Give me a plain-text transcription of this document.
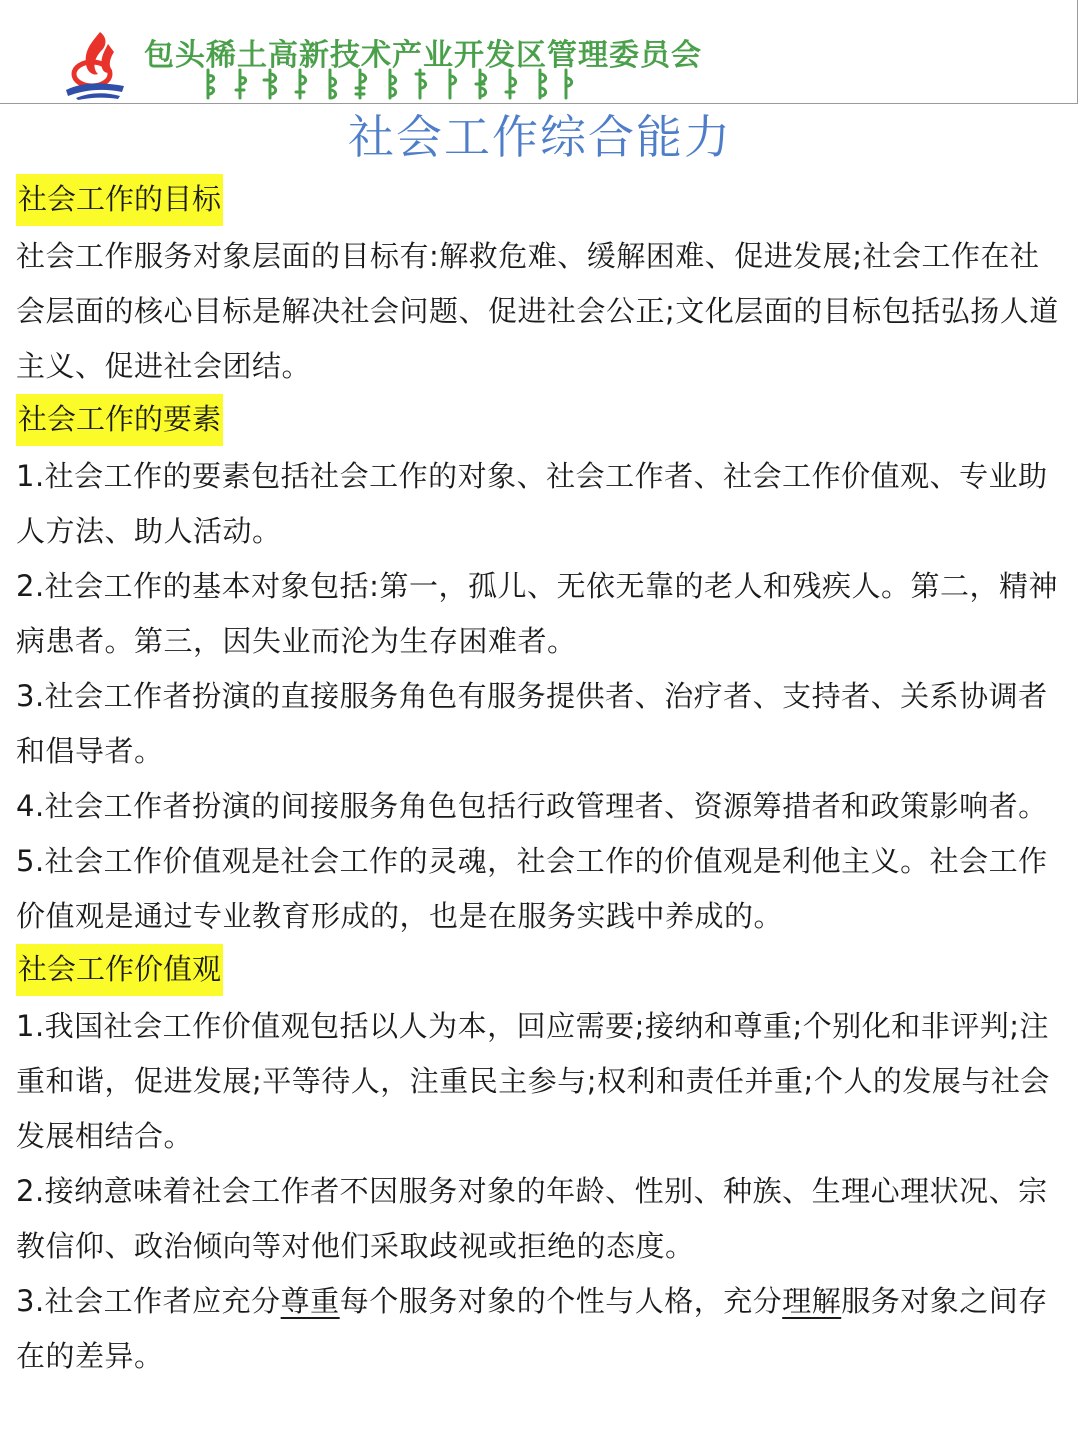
包头稀土高新技术产业开发区管理委员会
社会工作综合能力
社会工作的目标

社会工作服务对象层面的目标有:解救危难、缓解困难、促进发展;社会工作在社会层面的核心目标是解决社会问题、促进社会公正;文化层面的目标包括弘扬人道主义、促进社会团结。

社会工作的要素

1.社会工作的要素包括社会工作的对象、社会工作者、社会工作价值观、专业助人方法、助人活动。

2.社会工作的基本对象包括:第一，孤儿、无依无靠的老人和残疾人。第二，精神病患者。第三，因失业而沦为生存困难者。

3.社会工作者扮演的直接服务角色有服务提供者、治疗者、支持者、关系协调者和倡导者。

4.社会工作者扮演的间接服务角色包括行政管理者、资源筹措者和政策影响者。

5.社会工作价值观是社会工作的灵魂，社会工作的价值观是利他主义。社会工作价值观是通过专业教育形成的，也是在服务实践中养成的。

社会工作价值观

1.我国社会工作价值观包括以人为本，回应需要;接纳和尊重;个别化和非评判;注重和谐，促进发展;平等待人，注重民主参与;权利和责任并重;个人的发展与社会发展相结合。

2.接纳意味着社会工作者不因服务对象的年龄、性别、种族、生理心理状况、宗教信仰、政治倾向等对他们采取歧视或拒绝的态度。

3.社会工作者应充分尊重每个服务对象的个性与人格，充分理解服务对象之间存在的差异。
